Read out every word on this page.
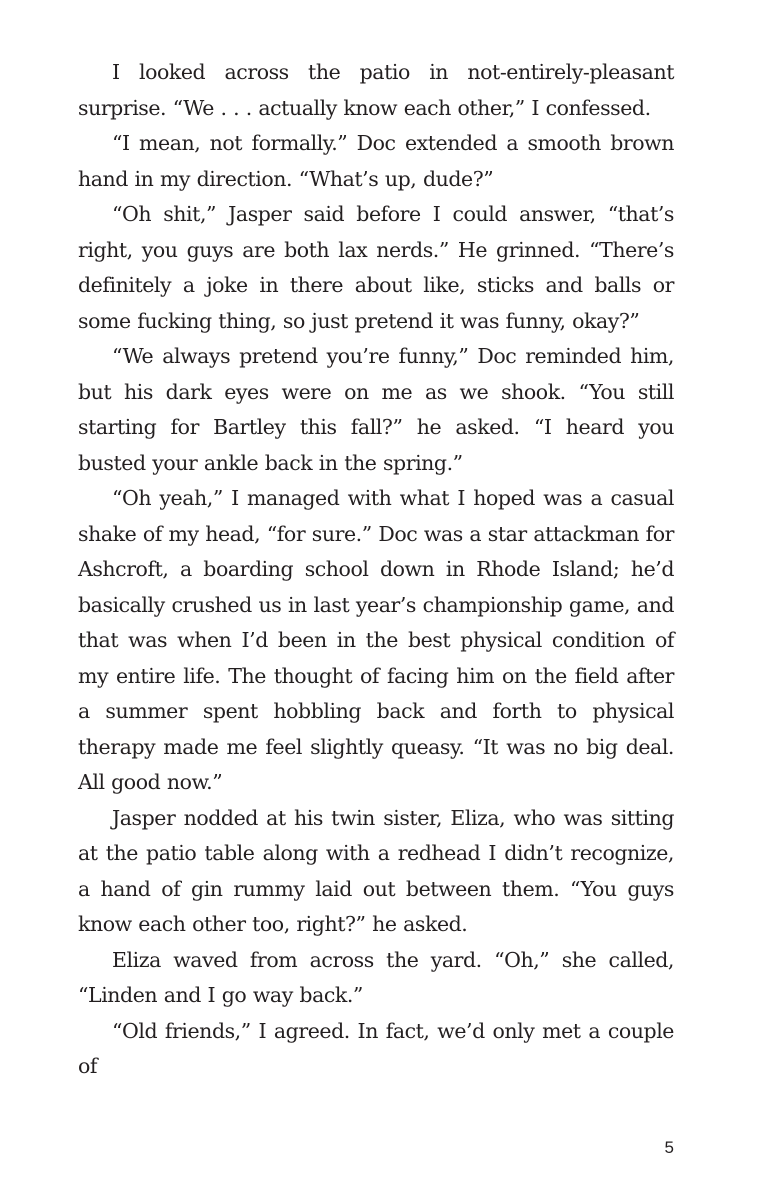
I looked across the patio in not-entirely-pleasant surprise. “We . . . actually know each other,” I confessed.

“I mean, not formally.” Doc extended a smooth brown hand in my direction. “What’s up, dude?”

“Oh shit,” Jasper said before I could answer, “that’s right, you guys are both lax nerds.” He grinned. “There’s definitely a joke in there about like, sticks and balls or some fucking thing, so just pretend it was funny, okay?”

“We always pretend you’re funny,” Doc reminded him, but his dark eyes were on me as we shook. “You still starting for Bartley this fall?” he asked. “I heard you busted your ankle back in the spring.”

“Oh yeah,” I managed with what I hoped was a casual shake of my head, “for sure.” Doc was a star attackman for Ashcroft, a boarding school down in Rhode Island; he’d basically crushed us in last year’s championship game, and that was when I’d been in the best physical condition of my entire life. The thought of facing him on the field after a summer spent hobbling back and forth to physical therapy made me feel slightly queasy. “It was no big deal. All good now.”

Jasper nodded at his twin sister, Eliza, who was sitting at the patio table along with a redhead I didn’t recognize, a hand of gin rummy laid out between them. “You guys know each other too, right?” he asked.

Eliza waved from across the yard. “Oh,” she called, “Linden and I go way back.”

“Old friends,” I agreed. In fact, we’d only met a couple of

5
